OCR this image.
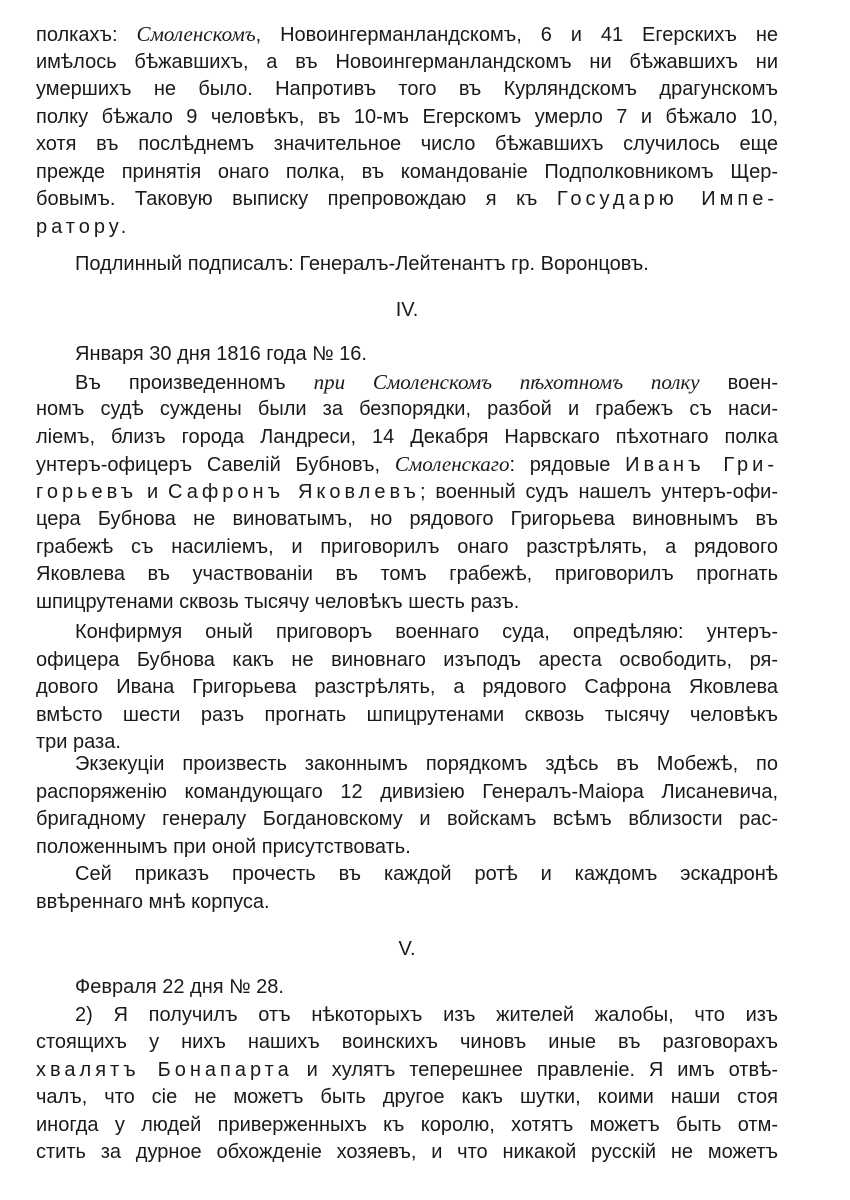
полкахъ: Смоленскомъ, Новоингерманландскомъ, 6 и 41 Егерскихъ не
имѣлось бѣжавшихъ, а въ Новоингерманландскомъ ни бѣжавшихъ ни
умершихъ не было. Напротивъ того въ Курляндскомъ драгунскомъ
полку бѣжало 9 человѣкъ, въ 10-мъ Егерскомъ умерло 7 и бѣжало 10,
хотя въ послѣднемъ значительное число бѣжавшихъ случилось еще
прежде принятія онаго полка, въ командованіе Подполковникомъ Щер-
бовымъ. Таковую выписку препровождаю я къ Государю Импе-
ратору.
Подлинный подписалъ: Генералъ-Лейтенантъ гр. Воронцовъ.
IV.
Января 30 дня 1816 года № 16.
Въ произведенномъ при Смоленскомъ пѣхотномъ полку воен-
номъ судѣ суждены были за безпорядки, разбой и грабежъ съ наси-
ліемъ, близъ города Ландреси, 14 Декабря Нарвскаго пѣхотнаго полка
унтеръ-офицеръ Савелій Бубновъ, Смоленскаго: рядовые Иванъ Гри-
горьевъ и Сафронъ Яковлевъ; военный судъ нашелъ унтеръ-офи-
цера Бубнова не виноватымъ, но рядового Григорьева виновнымъ въ
грабежѣ съ насиліемъ, и приговорилъ онаго разстрѣлять, а рядового
Яковлева въ участвованіи въ томъ грабежѣ, приговорилъ прогнать
шпицрутенами сквозь тысячу человѣкъ шесть разъ.
Конфирмуя оный приговоръ военнаго суда, опредѣляю: унтеръ-
офицера Бубнова какъ не виновнаго изъподъ ареста освободить, ря-
дового Ивана Григорьева разстрѣлять, а рядового Сафрона Яковлева
вмѣсто шести разъ прогнать шпицрутенами сквозь тысячу человѣкъ
три раза.
Экзекуціи произвесть законнымъ порядкомъ здѣсь въ Мобежѣ, по
распоряженію командующаго 12 дивизіею Генералъ-Маіора Лисаневича,
бригадному генералу Богдановскому и войскамъ всѣмъ вблизости рас-
положеннымъ при оной присутствовать.
Сей приказъ прочесть въ каждой ротѣ и каждомъ эскадронѣ
ввѣреннаго мнѣ корпуса.
V.
Февраля 22 дня № 28.
2) Я получилъ отъ нѣкоторыхъ изъ жителей жалобы, что изъ
стоящихъ у нихъ нашихъ воинскихъ чиновъ иные въ разговорахъ
хвалятъ Бонапарта и хулятъ теперешнее правленіе. Я имъ отвѣ-
чалъ, что сіе не можетъ быть другое какъ шутки, коими наши стоя
иногда у людей приверженныхъ къ королю, хотятъ можетъ быть отм-
стить за дурное обхожденіе хозяевъ, и что никакой русскій не можетъ
